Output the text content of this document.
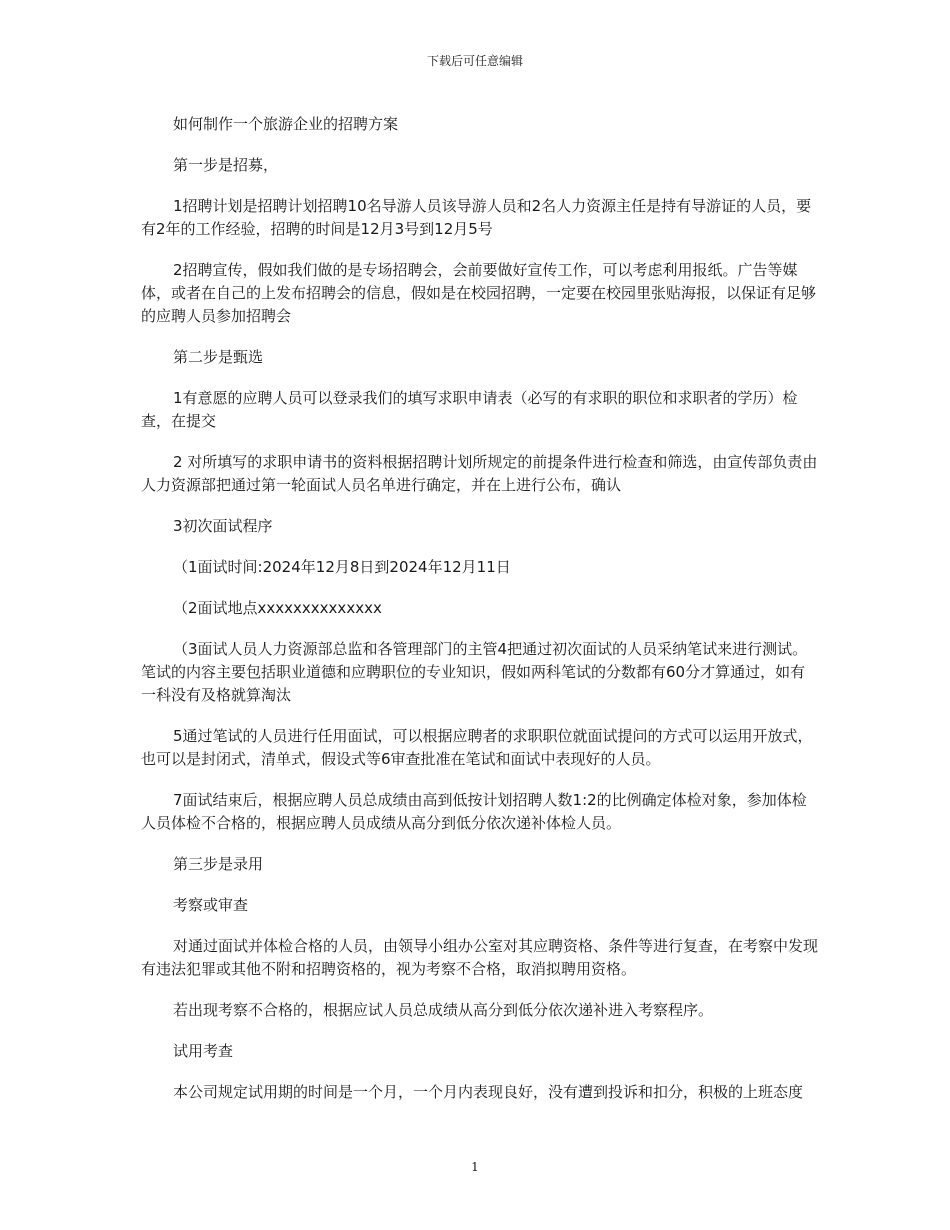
下载后可任意编辑

如何制作一个旅游企业的招聘方案

第一步是招募，

1招聘计划是招聘计划招聘10名导游人员该导游人员和2名人力资源主任是持有导游证的人员，要有2年的工作经验，招聘的时间是12月3号到12月5号

2招聘宣传，假如我们做的是专场招聘会，会前要做好宣传工作，可以考虑利用报纸。广告等媒体，或者在自己的上发布招聘会的信息，假如是在校园招聘，一定要在校园里张贴海报，以保证有足够的应聘人员参加招聘会

第二步是甄选

1有意愿的应聘人员可以登录我们的填写求职申请表（必写的有求职的职位和求职者的学历）检查，在提交

2 对所填写的求职申请书的资料根据招聘计划所规定的前提条件进行检查和筛选，由宣传部负责由人力资源部把通过第一轮面试人员名单进行确定，并在上进行公布，确认

3初次面试程序

（1面试时间:2024年12月8日到2024年12月11日

（2面试地点xxxxxxxxxxxxxx

（3面试人员人力资源部总监和各管理部门的主管4把通过初次面试的人员采纳笔试来进行测试。笔试的内容主要包括职业道德和应聘职位的专业知识，假如两科笔试的分数都有60分才算通过，如有一科没有及格就算淘汰

5通过笔试的人员进行任用面试，可以根据应聘者的求职职位就面试提问的方式可以运用开放式，也可以是封闭式，清单式，假设式等6审查批准在笔试和面试中表现好的人员。

7面试结束后，根据应聘人员总成绩由高到低按计划招聘人数1:2的比例确定体检对象，参加体检人员体检不合格的，根据应聘人员成绩从高分到低分依次递补体检人员。

第三步是录用

考察或审查

对通过面试并体检合格的人员，由领导小组办公室对其应聘资格、条件等进行复查，在考察中发现有违法犯罪或其他不附和招聘资格的，视为考察不合格，取消拟聘用资格。

若出现考察不合格的，根据应试人员总成绩从高分到低分依次递补进入考察程序。

试用考查

本公司规定试用期的时间是一个月，一个月内表现良好，没有遭到投诉和扣分，积极的上班态度

1
